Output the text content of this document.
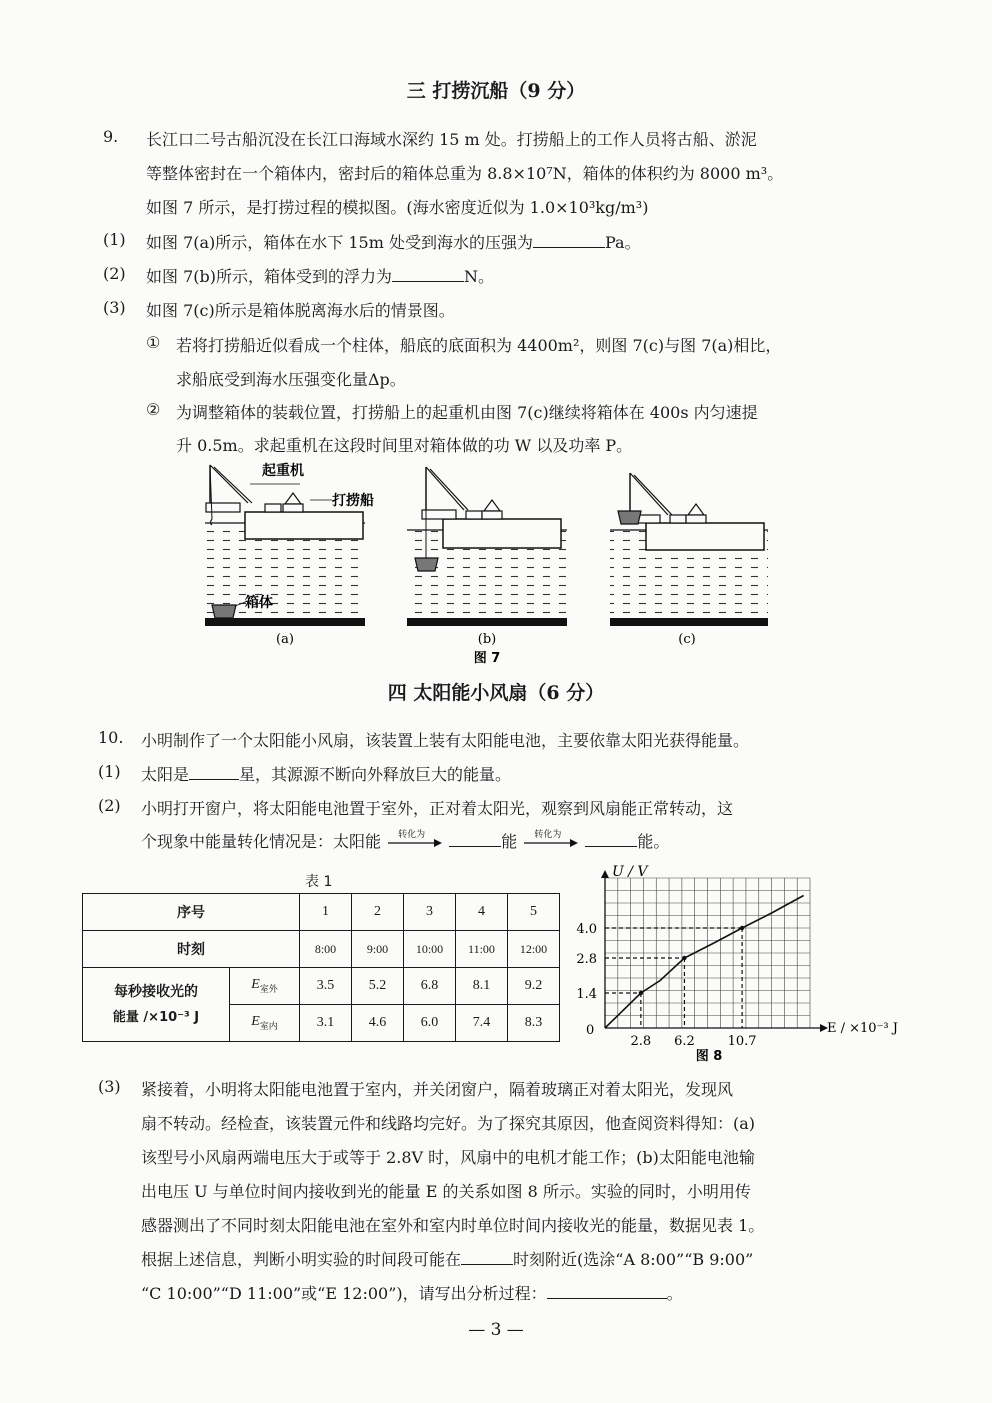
三 打捞沉船（9 分）
9. 长江口二号古船沉没在长江口海域水深约 15 m 处。打捞船上的工作人员将古船、淤泥
等整体密封在一个箱体内，密封后的箱体总重为 8.8×10⁷N，箱体的体积约为 8000 m³。
如图 7 所示，是打捞过程的模拟图。(海水密度近似为 1.0×10³kg/m³)
(1) 如图 7(a)所示，箱体在水下 15m 处受到海水的压强为	Pa。
(2) 如图 7(b)所示，箱体受到的浮力为	N。
(3) 如图 7(c)所示是箱体脱离海水后的情景图。
① 若将打捞船近似看成一个柱体，船底的底面积为 4400m²，则图 7(c)与图 7(a)相比，
求船底受到海水压强变化量Δp。
② 为调整箱体的装载位置，打捞船上的起重机由图 7(c)继续将箱体在 400s 内匀速提
升 0.5m。求起重机在这段时间里对箱体做的功 W 以及功率 P。
起重机
打捞船
箱体
(a)	(b)	(c)
图 7
四 太阳能小风扇（6 分）
10. 小明制作了一个太阳能小风扇，该装置上装有太阳能电池，主要依靠太阳光获得能量。
(1) 太阳是	星，其源源不断向外释放巨大的能量。
(2) 小明打开窗户，将太阳能电池置于室外，正对着太阳光，观察到风扇能正常转动，这
个现象中能量转化情况是：太阳能 转化为	能 转化为	能。
表 1
序号		1	2	3	4	5
时刻		8:00	9:00	10:00	11:00	12:00

每秒接收光的
能量 /×10⁻³ J	$E_{室外}$	3.5	5.2	6.8	8.1	9.2
	$E_{室内}$	3.1	4.6	6.0	7.4	8.3
U / V
E / ×10⁻³ J
0
2.8 6.2	10.7
4.0
2.8
1.4
图 8
(3) 紧接着，小明将太阳能电池置于室内，并关闭窗户，隔着玻璃正对着太阳光，发现风
扇不转动。经检查，该装置元件和线路均完好。为了探究其原因，他查阅资料得知：(a)
该型号小风扇两端电压大于或等于 2.8V 时，风扇中的电机才能工作；(b)太阳能电池输
出电压 U 与单位时间内接收到光的能量 E 的关系如图 8 所示。实验的同时，小明用传
感器测出了不同时刻太阳能电池在室外和室内时单位时间内接收光的能量，数据见表 1。
根据上述信息，判断小明实验的时间段可能在	时刻附近(选涂“A 8:00”“B 9:00”
“C 10:00”“D 11:00”或“E 12:00”)，请写出分析过程：	。
— 3 —
